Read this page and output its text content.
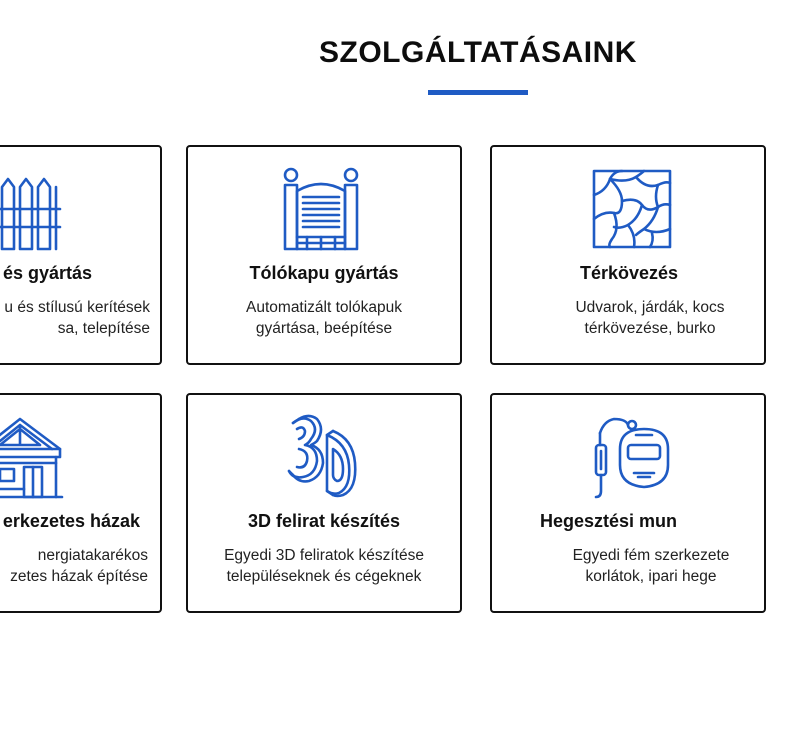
SZOLGÁLTATÁSAINK
és gyártás
u és stílusú kerítések
sa, telepítése
Tólókapu gyártás
Automatizált tolókapuk
gyártása, beépítése
Térkövezés
Udvarok, járdák, kocs
térkövezése, burko
erkezetes házak
nergiatakarékos
zetes házak építése
3D felirat készítés
Egyedi 3D feliratok készítése
településeknek és cégeknek
Hegesztési mun
Egyedi fém szerkezete
korlátok, ipari hege
